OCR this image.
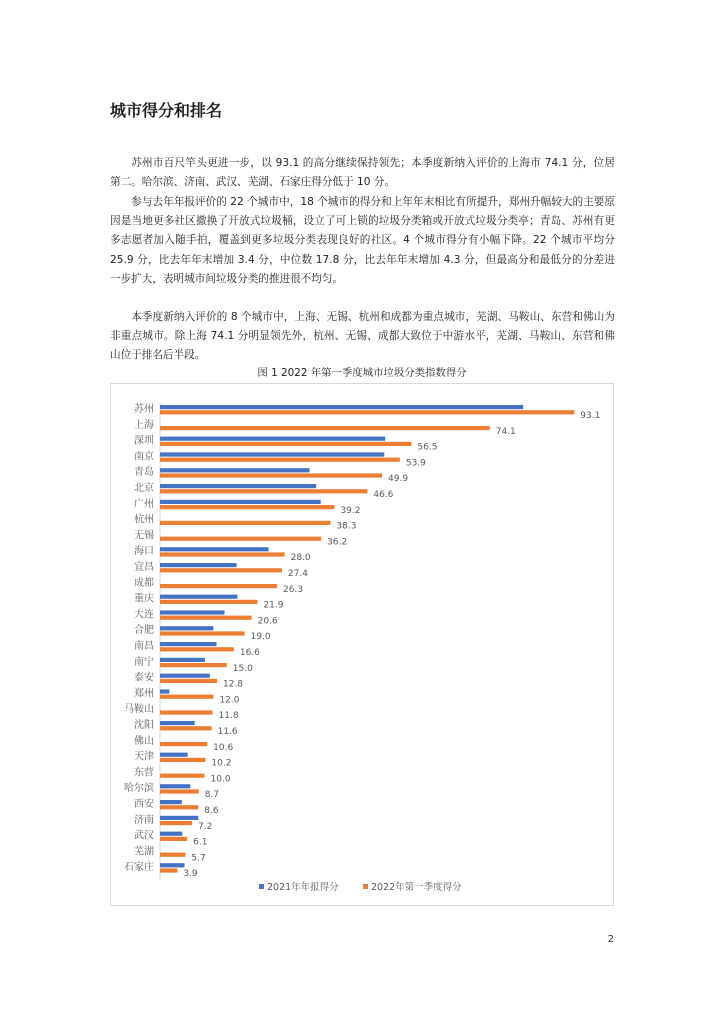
城市得分和排名

苏州市百尺竿头更进一步，以 93.1 的高分继续保持领先；本季度新纳入评价的上海市 74.1 分，位居第二。哈尔滨、济南、武汉、芜湖、石家庄得分低于 10 分。

参与去年年报评价的 22 个城市中，18 个城市的得分和上年年末相比有所提升，郑州升幅较大的主要原因是当地更多社区撤换了开放式垃圾桶，设立了可上锁的垃圾分类箱或开放式垃圾分类亭；青岛、苏州有更多志愿者加入随手拍，覆盖到更多垃圾分类表现良好的社区。4 个城市得分有小幅下降。22 个城市平均分 25.9 分，比去年年末增加 3.4 分，中位数 17.8 分，比去年年末增加 4.3 分，但最高分和最低分的分差进一步扩大，表明城市间垃圾分类的推进很不均匀。

本季度新纳入评价的 8 个城市中，上海、无锡、杭州和成都为重点城市，芜湖、马鞍山、东营和佛山为非重点城市。除上海 74.1 分明显领先外，杭州、无锡、成都大致位于中游水平，芜湖、马鞍山、东营和佛山位于排名后半段。

图 1 2022 年第一季度城市垃圾分类指数得分

苏州
93.1
上海
74.1
深圳
56.5
南京
53.9
青岛
49.9
北京
46.6
广州
39.2
杭州
38.3
无锡
36.2
海口
28.0
宜昌
27.4
成都
26.3
重庆
21.9
大连
20.6
合肥
19.0
南昌
16.6
南宁
15.0
泰安
12.8
郑州
12.0
马鞍山
11.8
沈阳
11.6
佛山
10.6
天津
10.2
东营
10.0
哈尔滨
8.7
西安
8.6
济南
7.2
武汉
6.1
芜湖
5.7
石家庄
3.9
2021年年报得分	2022年第一季度得分
2
